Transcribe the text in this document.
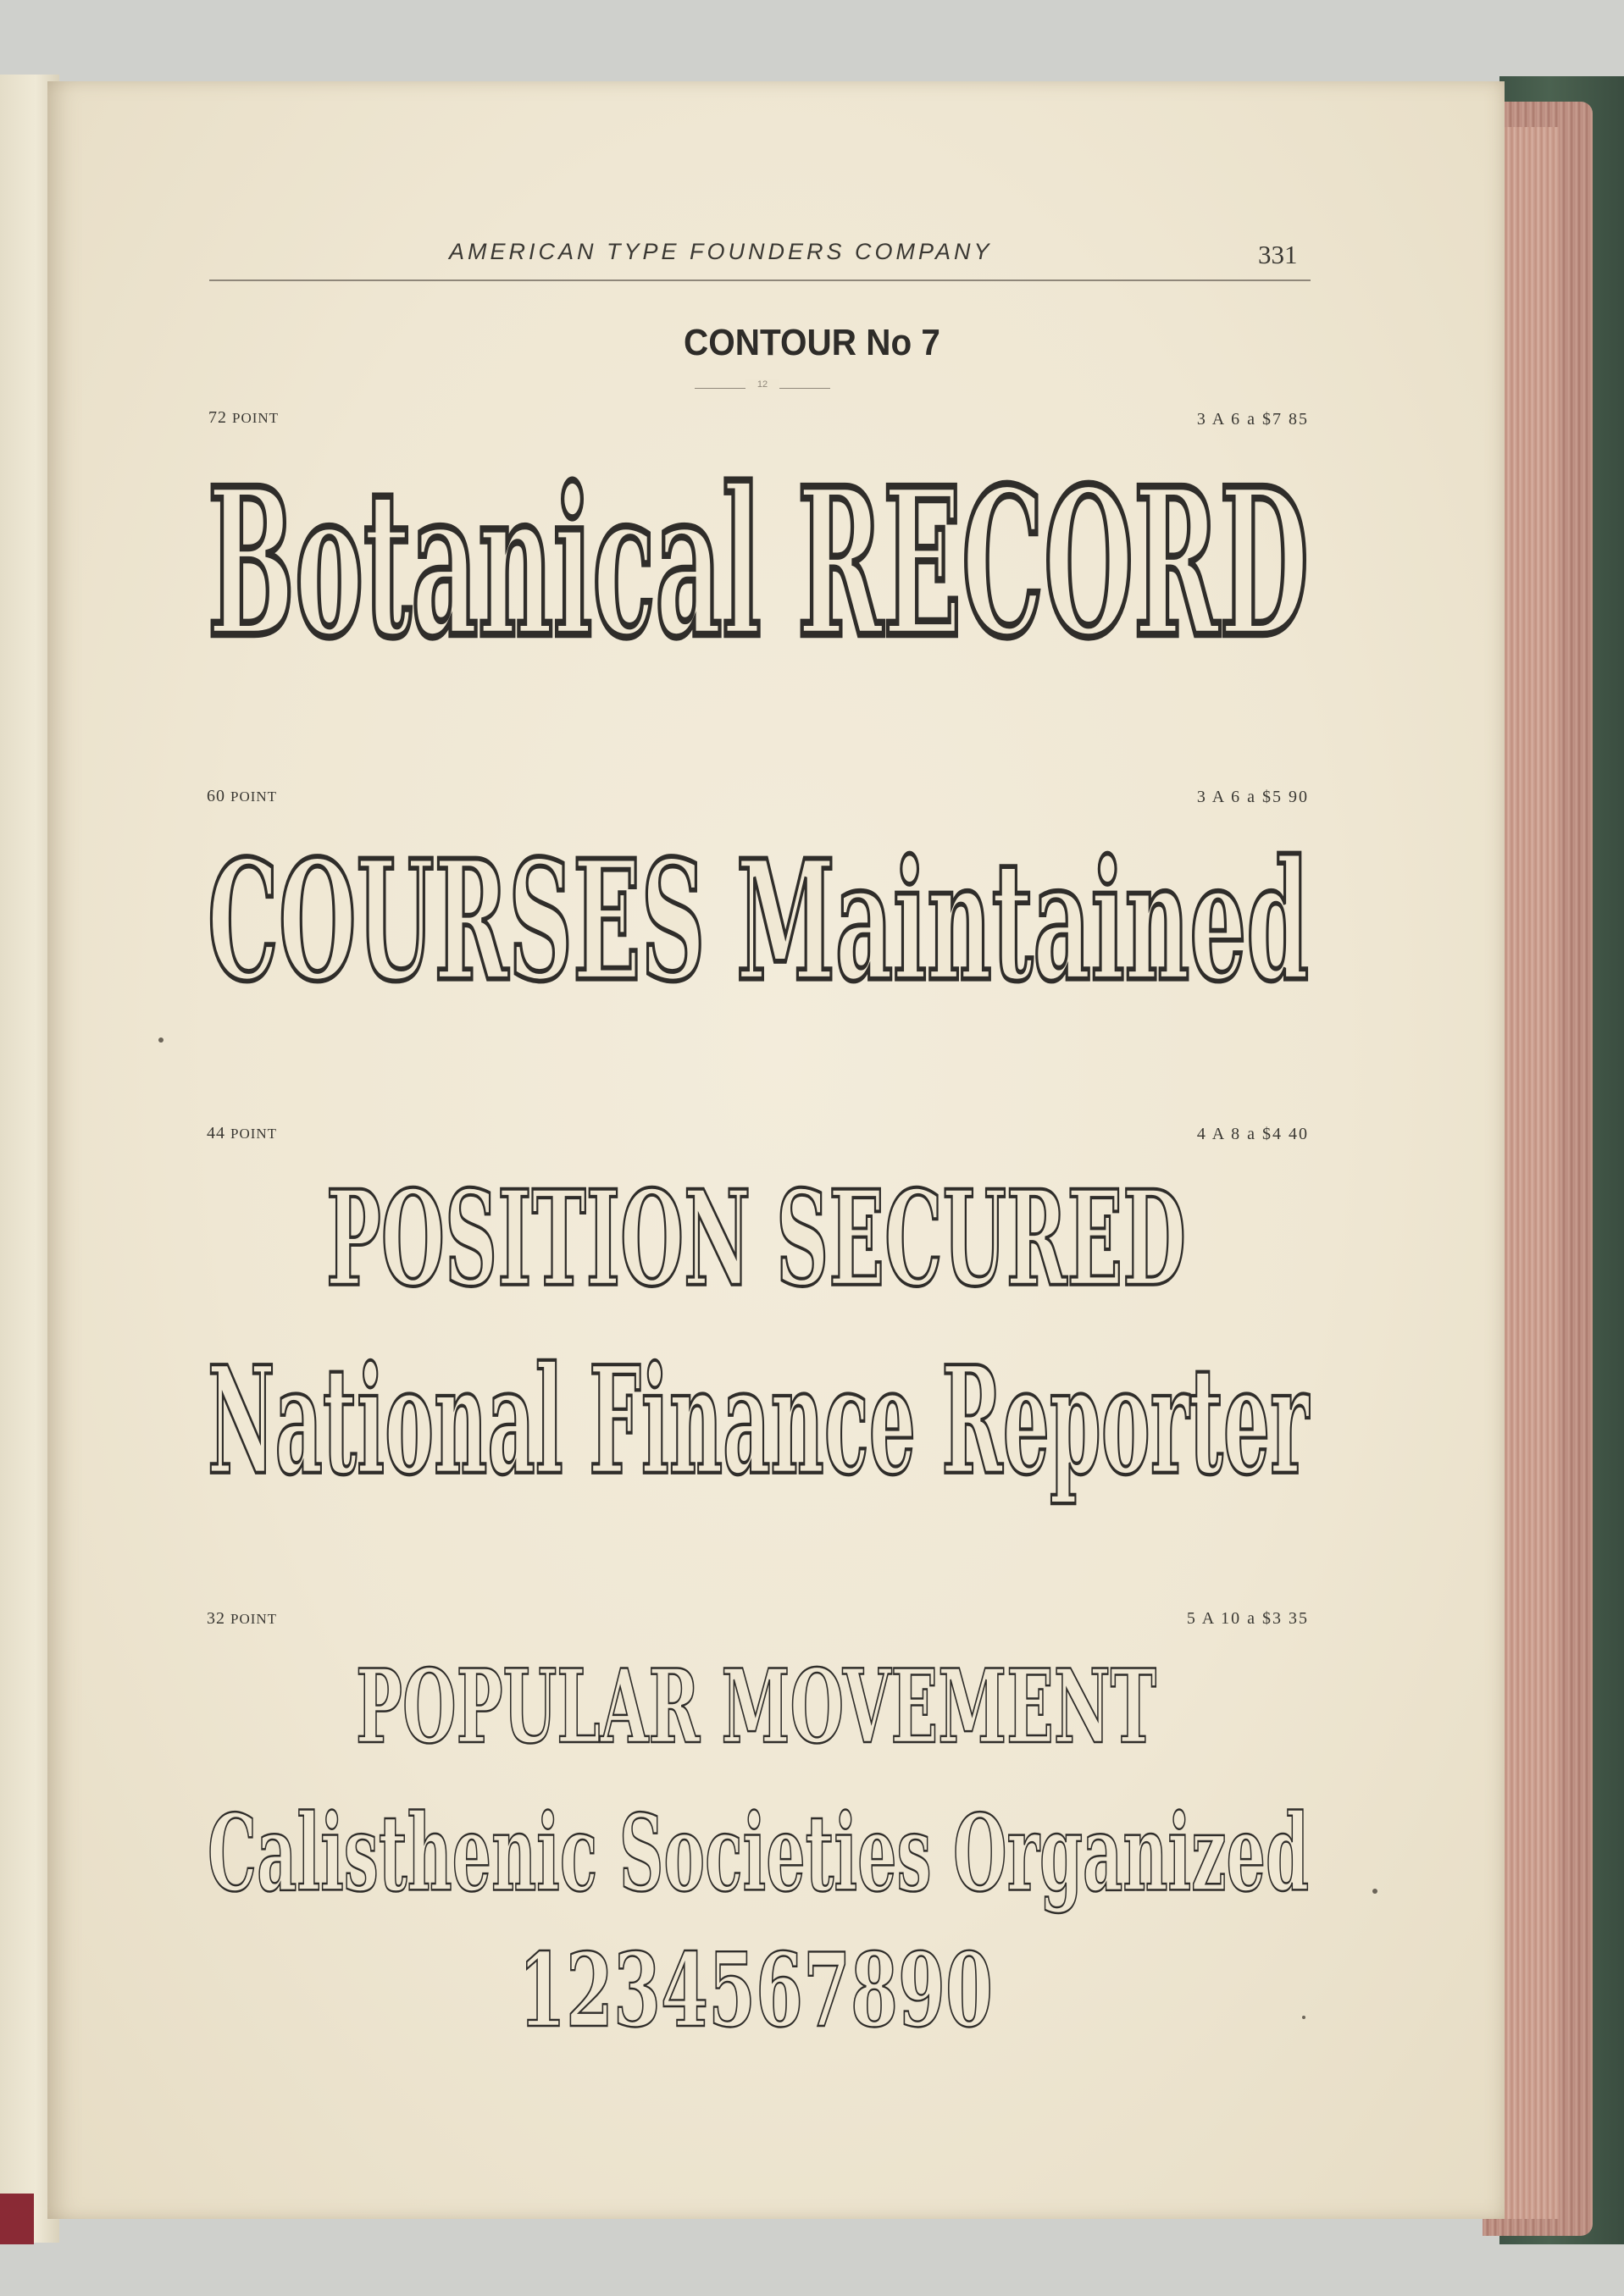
AMERICAN TYPE FOUNDERS COMPANY	331
CONTOUR No 7
12
72 POINT	3 A 6 a $7 85
Botanical RECORD
60 POINT	3 A 6 a $5 90
COURSES Maintained
44 POINT	4 A 8 a $4 40
POSITION SECURED
National Finance Reporter
32 POINT	5 A 10 a $3 35
POPULAR MOVEMENT
Calisthenic Societies Organized
1234567890
